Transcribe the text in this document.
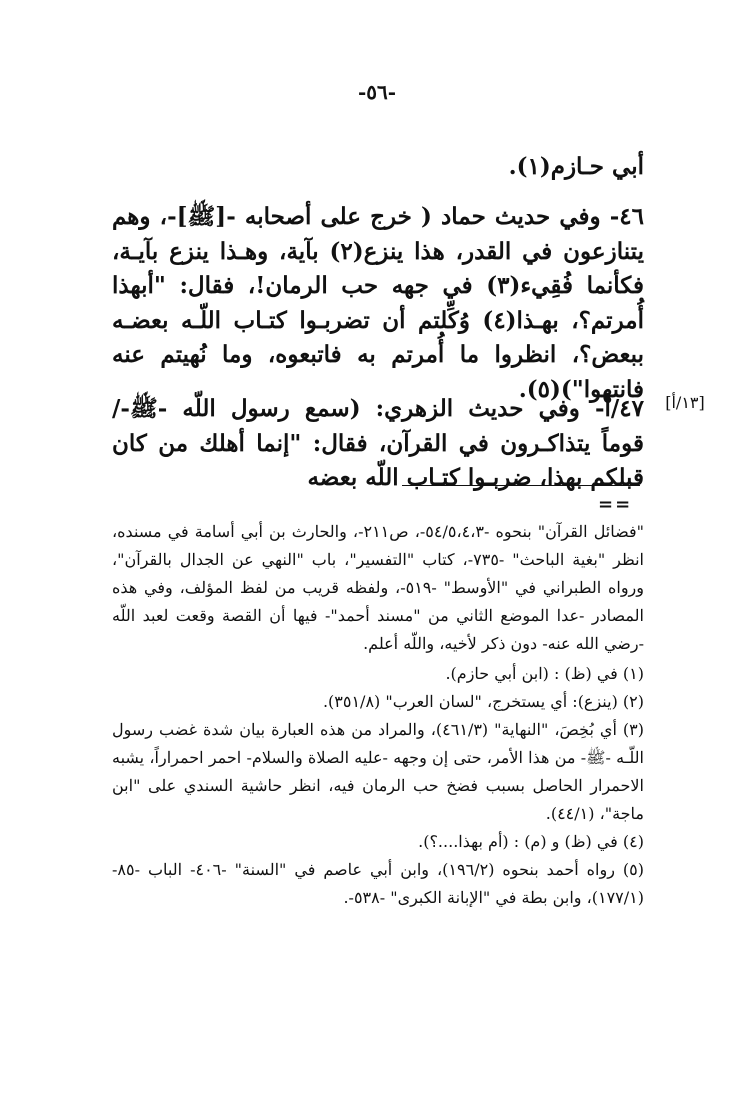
-٥٦-

أبي حـازم(١).

٤٦- وفي حديث حماد ( خرج على أصحابه -[ﷺ]-، وهم يتنازعون في القدر، هذا ينزع(٢) بآية، وهـذا ينزع بآيـة، فكأنما فُقِيء(٣) في جهه حب الرمان!، فقال: "أبهذا أُمرتم؟، بهـذا(٤) وُكِّلتم أن تضربـوا كتـاب اللّـه بعضـه ببعض؟، انظروا ما أُمرتم به فاتبعوه، وما نُهيتم عنه فانتهوا")(٥).	[١٣/أ]

٤٧/أ- وفي حديث الزهري: (سمع رسول اللّه -ﷺ-/ قوماً يتذاكـرون في القرآن، فقال: "إنما أهلك من كان قبلكم بهذا، ضربـوا كتـاب اللّه بعضه

==

"فضائل القرآن" بنحوه -٥٤/٥،٤،٣-، ص٢١١-، والحارث بن أبي أسامة في مسنده، انظر "بغية الباحث" -٧٣٥-، كتاب "التفسير"، باب "النهي عن الجدال بالقرآن"، ورواه الطبراني في "الأوسط" -٥١٩-، ولفظه قريب من لفظ المؤلف، وفي هذه المصادر -عدا الموضع الثاني من "مسند أحمد"- فيها أن القصة وقعت لعبد اللّه -رضي الله عنه- دون ذكر لأخيه، واللّه أعلم.

(١) في (ظ) : (ابن أبي حازم).

(٢) (ينزع): أي يستخرج، "لسان العرب" (٣٥١/٨).

(٣) أي بُخِصَ، "النهاية" (٤٦١/٣)، والمراد من هذه العبارة بيان شدة غضب رسول اللّـه -ﷺ- من هذا الأمر، حتى إن وجهه -عليه الصلاة والسلام- احمر احمراراً، يشبه الاحمرار الحاصل بسبب فضخ حب الرمان فيه، انظر حاشية السندي على "ابن ماجة"، (٤٤/١).

(٤) في (ظ) و (م) : (أم بهذا....؟).

(٥) رواه أحمد بنحوه (١٩٦/٢)، وابن أبي عاصم في "السنة" -٤٠٦- الباب -٨٥- (١٧٧/١)، وابن بطة في "الإبانة الكبرى" -٥٣٨-.
